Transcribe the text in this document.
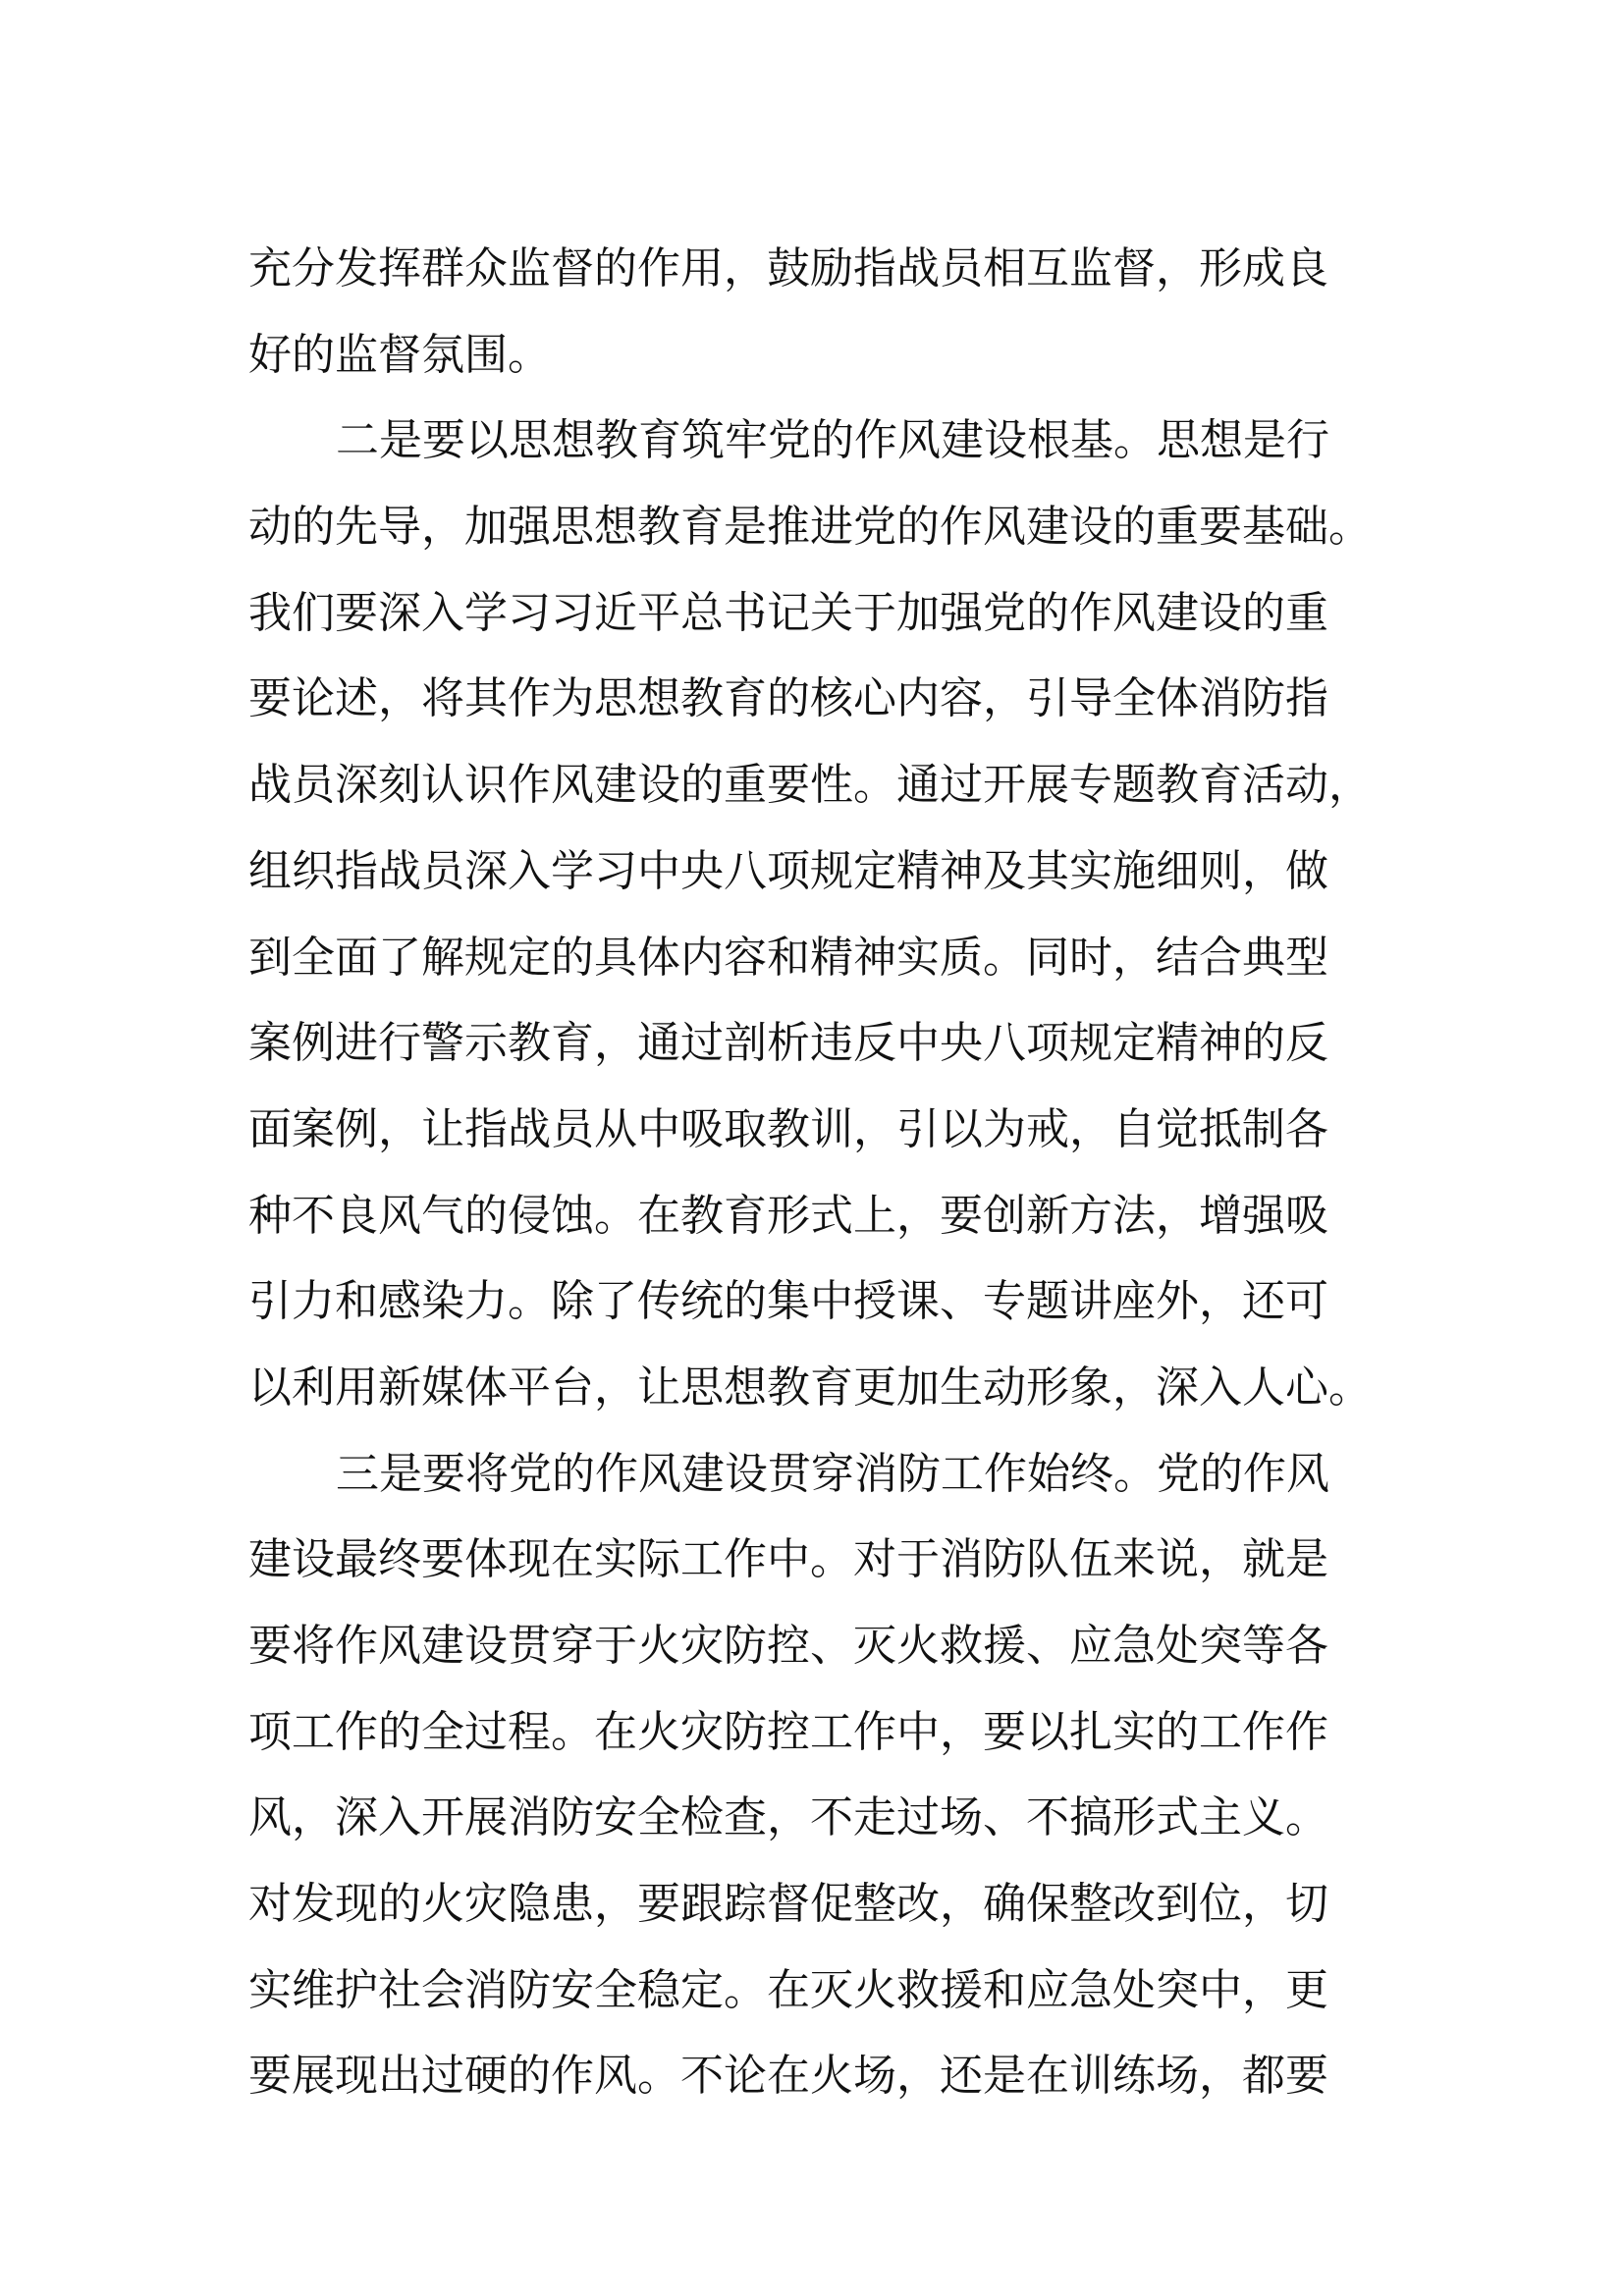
充分发挥群众监督的作用，鼓励指战员相互监督，形成良
好的监督氛围。
二是要以思想教育筑牢党的作风建设根基。思想是行
动的先导，加强思想教育是推进党的作风建设的重要基础。
我们要深入学习习近平总书记关于加强党的作风建设的重
要论述，将其作为思想教育的核心内容，引导全体消防指
战员深刻认识作风建设的重要性。通过开展专题教育活动，
组织指战员深入学习中央八项规定精神及其实施细则，做
到全面了解规定的具体内容和精神实质。同时，结合典型
案例进行警示教育，通过剖析违反中央八项规定精神的反
面案例，让指战员从中吸取教训，引以为戒，自觉抵制各
种不良风气的侵蚀。在教育形式上，要创新方法，增强吸
引力和感染力。除了传统的集中授课、专题讲座外，还可
以利用新媒体平台，让思想教育更加生动形象，深入人心。
三是要将党的作风建设贯穿消防工作始终。党的作风
建设最终要体现在实际工作中。对于消防队伍来说，就是
要将作风建设贯穿于火灾防控、灭火救援、应急处突等各
项工作的全过程。在火灾防控工作中，要以扎实的工作作
风，深入开展消防安全检查，不走过场、不搞形式主义。
对发现的火灾隐患，要跟踪督促整改，确保整改到位，切
实维护社会消防安全稳定。在灭火救援和应急处突中，更
要展现出过硬的作风。不论在火场，还是在训练场，都要
